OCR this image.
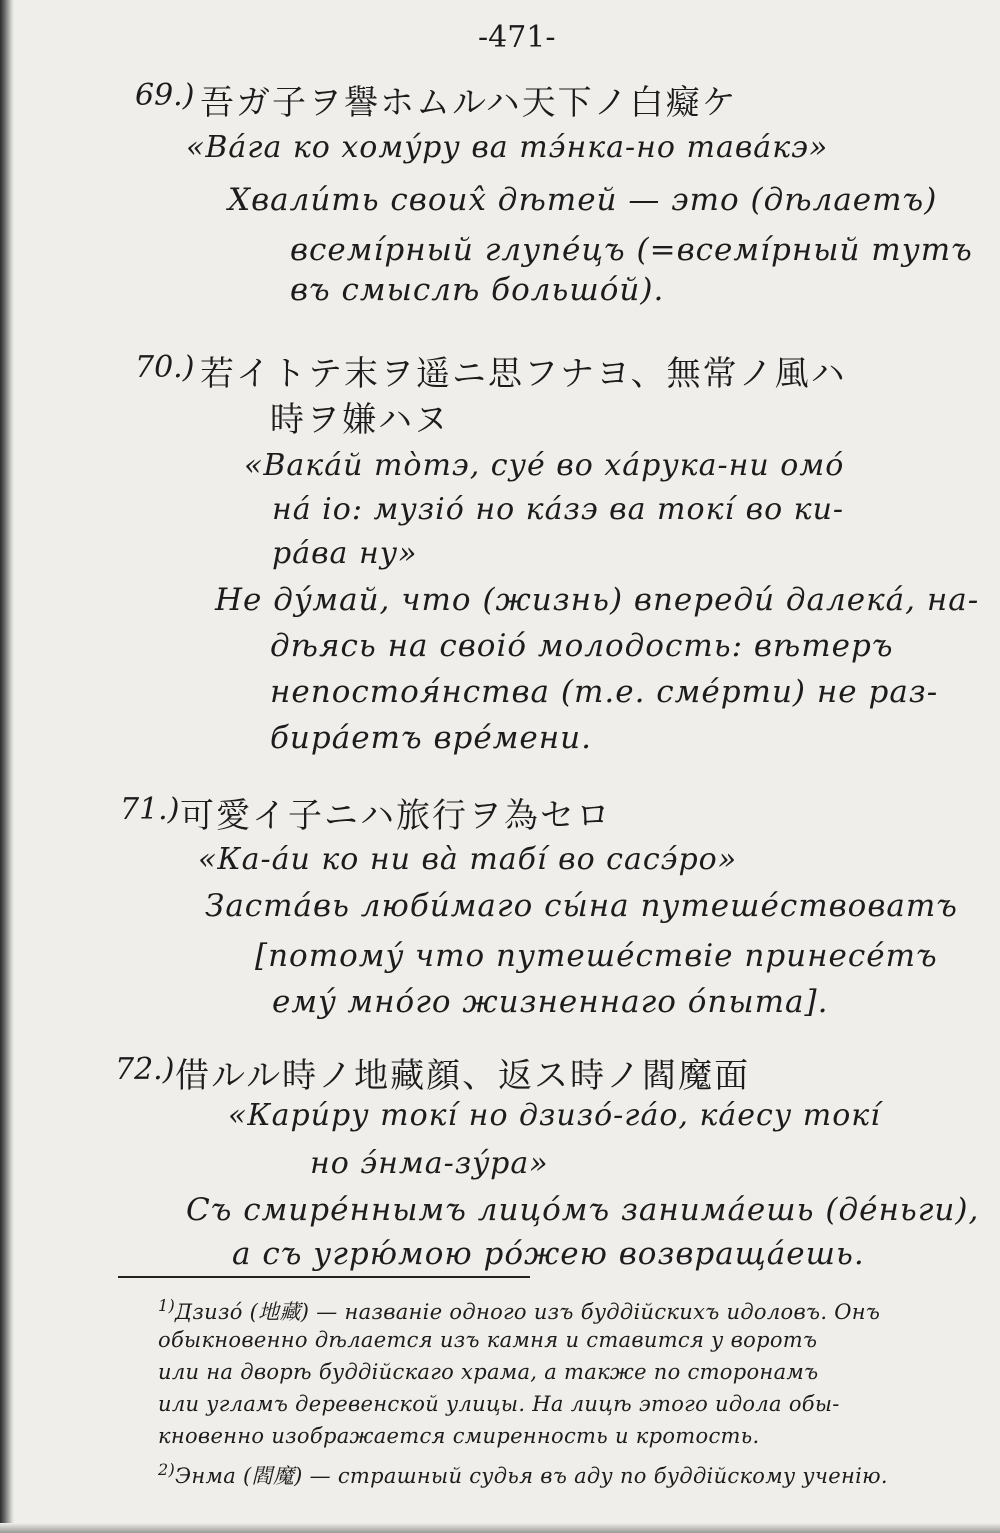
-471-
69.) 吾ガ子ヲ譽ホムルハ天下ノ白癡ケ
«Вáга ко хомýру ва тэ́нка-но тавáкэ»
Хвали́ть своих̂ дѣтей — это (дѣлаетъ)
всемíрный глупе́цъ (=всемíрный тутъ
въ смыслѣ большóй).
70.) 若イトテ末ヲ遥ニ思フナヨ、無常ノ風ハ
時ヲ嫌ハヌ
«Вакáй то̀тэ, суé во хáрука-ни омó
нá іо: музіó но кáзэ ва токí во ки-
рáва ну»
Не дýмай, что (жизнь) впередú далекá, на-
дѣясь на своіó молодость: вѣтеръ
непостоя́нства (т.е. смéрти) не раз-
бирáетъ врéмени.
71.) 可愛イ子ニハ旅行ヲ為セロ
«Ка-áи ко ни ва̀ табí во сасэ́ро»
Застáвь любúмаго сы́на путешéствоватъ
[потомý что путешéствіе принесéтъ
емý мнóго жизненнаго óпыта].
72.) 借ルル時ノ地藏顔、返ス時ノ閻魔面
«Карúру токí но дзизó-гáо, кáесу токí
но э́нма-зýра»
Съ смирéннымъ лицóмъ занимáешь (дéньги),
а съ угрю́мою рóжею возвращáешь.
$^{1)}$Дзизó (地藏) — названіе одного изъ буддійскихъ идоловъ. Онъ
обыкновенно дѣлается изъ камня и ставится у воротъ
или на дворѣ буддійскаго храма, а также по сторонамъ
или угламъ деревенской улицы. На лицѣ этого идола обы-
кновенно изображается смиренность и кротость.
$^{2)}$Энма (閻魔) — страшный судья въ аду по буддійскому ученію.
